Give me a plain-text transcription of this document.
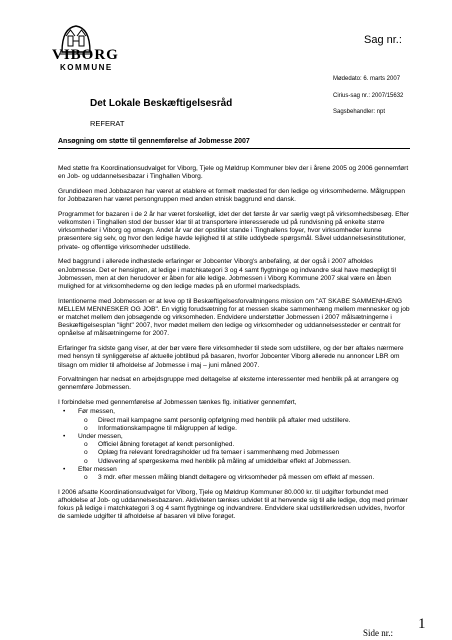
VIBORG
KOMMUNE
Sag nr.:
Mødedato: 6. marts 2007
Cirius-sag nr.: 2007/15632
Sagsbehandler: npt
Det Lokale Beskæftigelsesråd
REFERAT
Ansøgning om støtte til gennemførelse af Jobmesse 2007

Med støtte fra Koordinationsudvalget for Viborg, Tjele og Møldrup Kommuner blev der i årene 2005 og 2006 gennemført en Job- og uddannelsesbazar i Tinghallen Viborg.

Grundideen med Jobbazaren har været at etablere et formelt mødested for den ledige og virksomhederne. Målgruppen for Jobbazaren har været persongruppen med anden etnisk baggrund end dansk.

Programmet for bazaren i de 2 år har været forskelligt, idet der det første år var særlig vægt på virksomhedsbesøg. Efter velkomsten i Tinghallen stod der busser klar til at transportere interesserede ud på rundvisning på enkelte større virksomheder i Viborg og omegn. Andet år var der opstillet stande i Tinghallens foyer, hvor virksomheder kunne præsentere sig selv, og hvor den ledige havde lejlighed til at stille uddybede spørgsmål. Såvel uddannelsesinstitutioner, private- og offentlige virksomheder udstillede.

Med baggrund i allerede indhøstede erfaringer er Jobcenter Viborg's anbefaling, at der også i 2007 afholdes enJobmesse. Det er hensigten, at ledige i matchkategori 3 og 4 samt flygtninge og indvandre skal have mødepligt til Jobmessen, men at den herudover er åben for alle ledige. Jobmessen i Viborg Kommune 2007 skal være en åben mulighed for at virksomhederne og den ledige mødes på en uformel markedsplads.

Intentionerne med Jobmessen er at leve op til Beskæftigelsesforvaltningens mission om "AT SKABE SAMMENHÆNG MELLEM MENNESKER OG JOB". En vigtig forudsætning for at messen skabe sammenhæng mellem mennesker og job er matchet mellem den jobsøgende og virksomheden. Endvidere understøtter Jobmessen i 2007 målsætningerne i Beskæftigelsesplan "light" 2007, hvor mødet mellem den ledige og virksomheder og uddannelsessteder er centralt for opnåelse af målsætningerne for 2007.

Erfaringer fra sidste gang viser, at der bør være flere virksomheder til stede som udstillere, og der bør aftales nærmere med hensyn til synliggørelse af aktuelle jobtilbud på basaren, hvorfor Jobcenter Viborg allerede nu annoncer LBR om tilsagn om midler til afholdelse af Jobmesse i maj – juni måned 2007.

Forvaltningen har nedsat en arbejdsgruppe med deltagelse af eksterne interessenter med henblik på at arrangere og gennemføre Jobmessen.

I forbindelse med gennemførelse af Jobmessen tænkes flg. initiativer gennemført,

• Før messen,
o Direct mail kampagne samt personlig opfølgning med henblik på aftaler med udstillere.
o Informationskampagne til målgruppen af ledige.
• Under messen,
o Officiel åbning foretaget af kendt personlighed.
o Oplæg fra relevant foredragsholder ud fra temaer i sammenhæng med Jobmessen
o Udlevering af spørgeskema med henblik på måling af umiddelbar effekt af Jobmessen.
• Efter messen
o 3 mdr. efter messen måling blandt deltagere og virksomheder på messen om effekt af messen.

I 2006 afsatte Koordinationsudvalget for Viborg, Tjele og Møldrup Kommuner 80.000 kr. til udgifter forbundet med afholdelse af Job- og uddannelsesbazaren. Aktiviteten tænkes udvidet til at henvende sig til alle ledige, dog med primær fokus på ledige i matchkategori 3 og 4 samt flygtninge og indvandrere. Endvidere skal udstillerkredsen udvides, hvorfor de samlede udgifter til afholdelse af basaren vil blive forøget.

Side nr.:
1
